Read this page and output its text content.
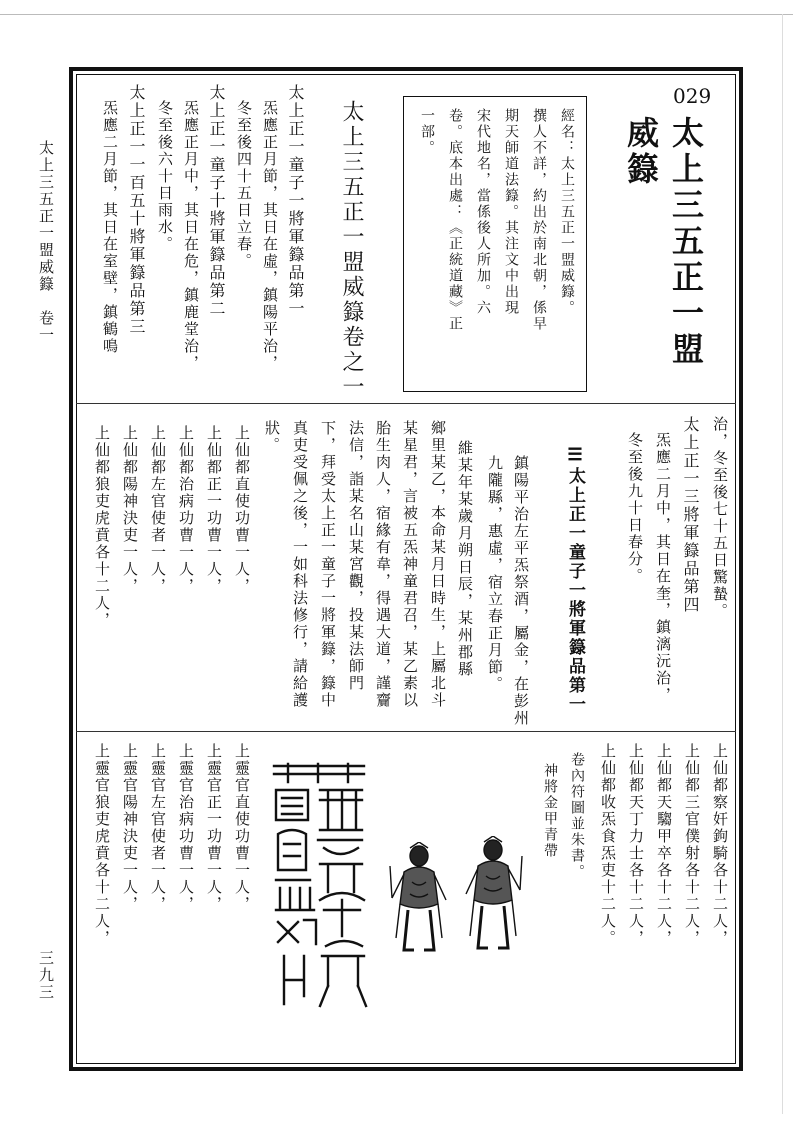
太上三五正一盟威籙　卷一
三九三
029
太上三五正一盟
威籙
經名：太上三五正一盟威籙。
撰人不詳，約出於南北朝，係早
期天師道法籙。其注文中出現
宋代地名，當係後人所加。六
卷。底本出處：《正統道藏》正
一部。
太上三五正一盟威籙卷之一
太上正一童子一將軍籙品第一
炁應正月節，其日在虛，鎮陽平治，
冬至後四十五日立春。
太上正一童子十將軍籙品第二
炁應正月中，其日在危，鎮鹿堂治，
冬至後六十日雨水。
太上正一一百五十將軍籙品第三
炁應二月節，其日在室壁，鎮鶴鳴
治，冬至後七十五日驚蟄。
太上正一三將軍籙品第四
炁應二月中，其日在奎，鎮漓沅治，
冬至後九十日春分。
☰太上正一童子一將軍籙品第一
鎮陽平治左平炁祭酒，屬金，在彭州
九隴縣，惠虛，宿立春正月節。
維某年某歲月朔日辰，某州郡縣
鄉里某乙，本命某月日時生，上屬北斗
某星君，言被五炁神童君召，某乙素以
胎生肉人，宿緣有韋，得遇大道，謹齎
法信，詣某名山某宮觀，投某法師門
下，拜受太上正一童子一將軍籙，籙中
真吏受佩之後，一如科法修行，請給護
狀。
上仙都直使功曹一人，
上仙都正一功曹一人，
上仙都治病功曹一人，
上仙都左官使者一人，
上仙都陽神決吏一人，
上仙都狼吏虎賁各十二人，
上仙都察奸鉤騎各十二人，
上仙都三官僕射各十二人，
上仙都天騶甲卒各十二人，
上仙都天丁力士各十二人，
上仙都收炁食炁吏十二人。
卷內符圖並朱書。
神將金甲青帶
上靈官直使功曹一人，
上靈官正一功曹一人，
上靈官治病功曹一人，
上靈官左官使者一人，
上靈官陽神決吏一人，
上靈官狼吏虎賁各十二人，
